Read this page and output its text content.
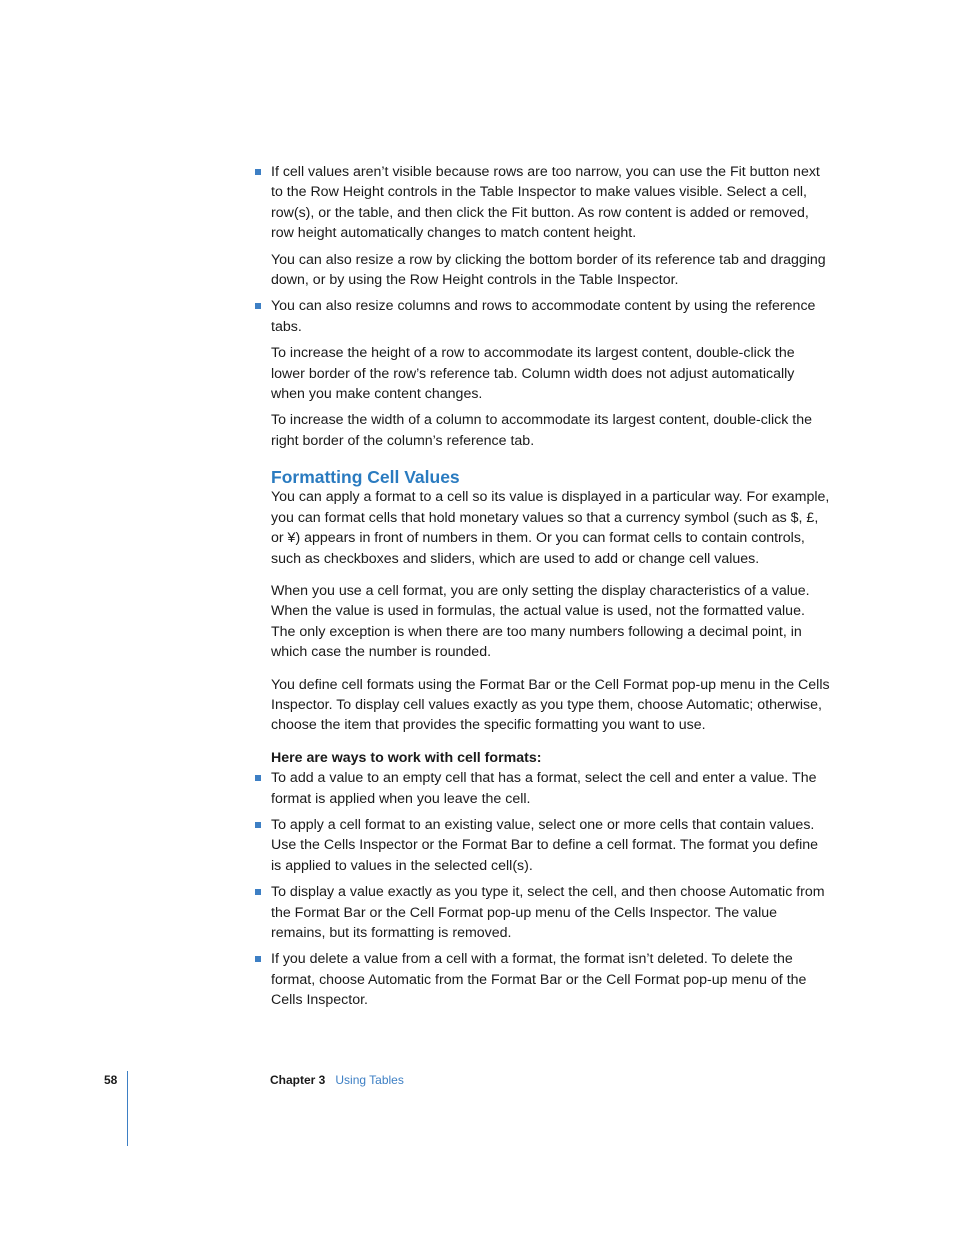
If cell values aren’t visible because rows are too narrow, you can use the Fit button next to the Row Height controls in the Table Inspector to make values visible. Select a cell, row(s), or the table, and then click the Fit button. As row content is added or removed, row height automatically changes to match content height.

You can also resize a row by clicking the bottom border of its reference tab and dragging down, or by using the Row Height controls in the Table Inspector.

You can also resize columns and rows to accommodate content by using the reference tabs.

To increase the height of a row to accommodate its largest content, double-click the lower border of the row’s reference tab. Column width does not adjust automatically when you make content changes.

To increase the width of a column to accommodate its largest content, double-click the right border of the column’s reference tab.

Formatting Cell Values

You can apply a format to a cell so its value is displayed in a particular way. For example, you can format cells that hold monetary values so that a currency symbol (such as $, £, or ¥) appears in front of numbers in them. Or you can format cells to contain controls, such as checkboxes and sliders, which are used to add or change cell values.

When you use a cell format, you are only setting the display characteristics of a value. When the value is used in formulas, the actual value is used, not the formatted value. The only exception is when there are too many numbers following a decimal point, in which case the number is rounded.

You define cell formats using the Format Bar or the Cell Format pop-up menu in the Cells Inspector. To display cell values exactly as you type them, choose Automatic; otherwise, choose the item that provides the specific formatting you want to use.

Here are ways to work with cell formats:

To add a value to an empty cell that has a format, select the cell and enter a value. The format is applied when you leave the cell.

To apply a cell format to an existing value, select one or more cells that contain values. Use the Cells Inspector or the Format Bar to define a cell format. The format you define is applied to values in the selected cell(s).

To display a value exactly as you type it, select the cell, and then choose Automatic from the Format Bar or the Cell Format pop-up menu of the Cells Inspector. The value remains, but its formatting is removed.

If you delete a value from a cell with a format, the format isn’t deleted. To delete the format, choose Automatic from the Format Bar or the Cell Format pop-up menu of the Cells Inspector.

58	Chapter 3 Using Tables
